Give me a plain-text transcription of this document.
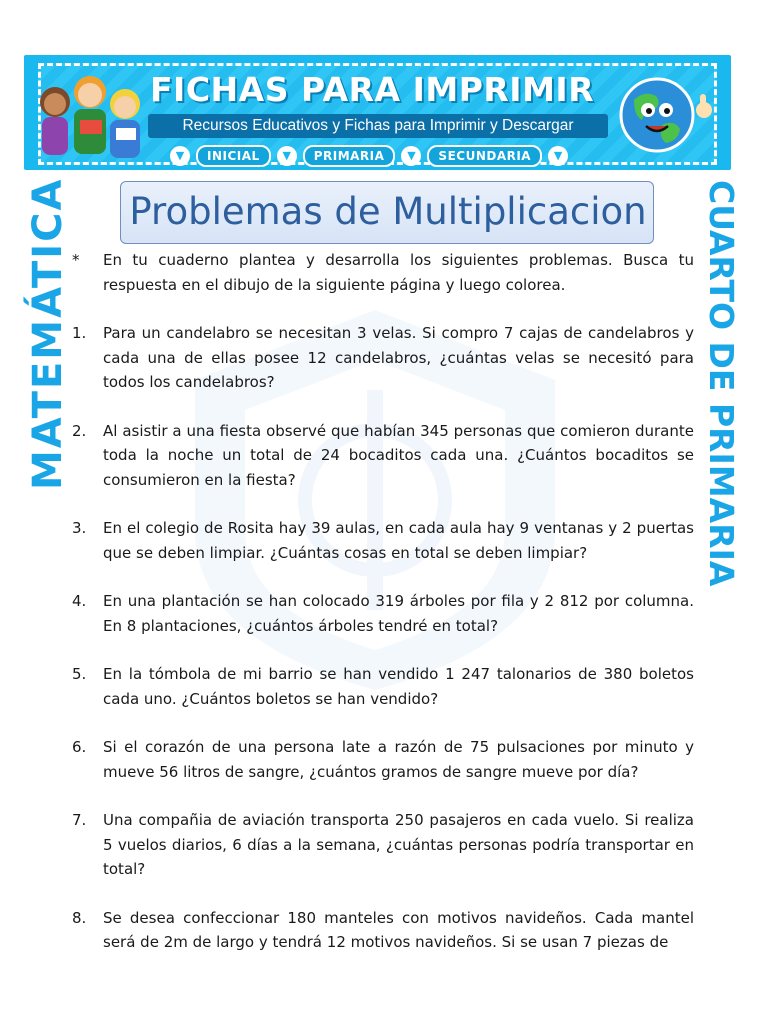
FICHAS PARA IMPRIMIR
Recursos Educativos y Fichas para Imprimir y Descargar
▼	INICIAL	▼	PRIMARIA	▼	SECUNDARIA	▼
MATEMÁTICA	CUARTO DE PRIMARIA
Problemas de Multiplicacion
*	En tu cuaderno plantea y desarrolla los siguientes problemas. Busca tu respuesta en el dibujo de la siguiente página y luego colorea.
1.	Para un candelabro se necesitan 3 velas. Si compro 7 cajas de candelabros y cada una de ellas posee 12 candelabros, ¿cuántas velas se necesitó para todos los candelabros?
2.	Al asistir a una fiesta observé que habían 345 personas que comieron durante toda la noche un total de 24 bocaditos cada una. ¿Cuántos bocaditos se consumieron en la fiesta?
3.	En el colegio de Rosita hay 39 aulas, en cada aula hay 9 ventanas y 2 puertas que se deben limpiar. ¿Cuántas cosas en total se deben limpiar?
4.	En una plantación se han colocado 319 árboles por fila y 2 812 por columna. En 8 plantaciones, ¿cuántos árboles tendré en total?
5.	En la tómbola de mi barrio se han vendido 1 247 talonarios de 380 boletos cada uno. ¿Cuántos boletos se han vendido?
6.	Si el corazón de una persona late a razón de 75 pulsaciones por minuto y mueve 56 litros de sangre, ¿cuántos gramos de sangre mueve por día?
7.	Una compañia de aviación transporta 250 pasajeros en cada vuelo. Si realiza 5 vuelos diarios, 6 días a la semana, ¿cuántas personas podría transportar en total?
8.	Se desea confeccionar 180 manteles con motivos navideños. Cada mantel será de 2m de largo y tendrá 12 motivos navideños. Si se usan 7 piezas de
